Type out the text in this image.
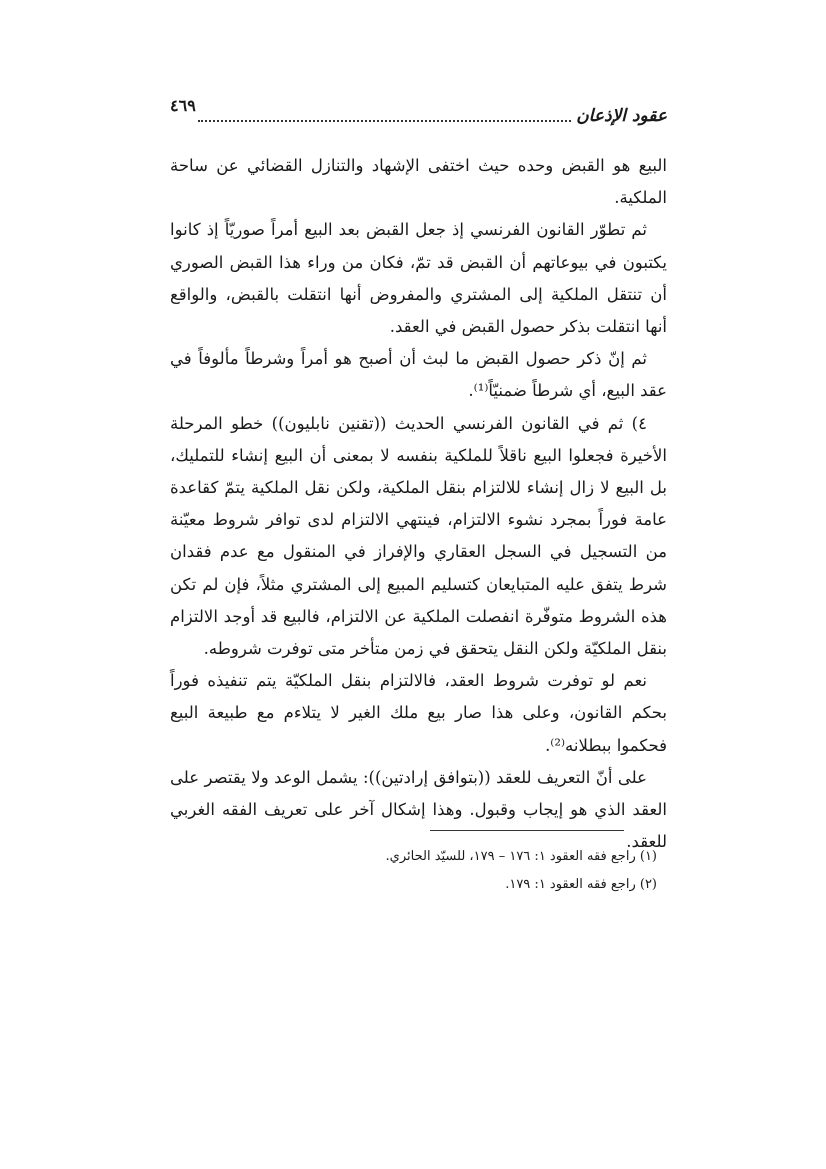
عقود الإذعان
٤٦٩

البيع هو القبض وحده حيث اختفى الإشهاد والتنازل القضائي عن ساحة الملكية.

ثم تطوّر القانون الفرنسي إذ جعل القبض بعد البيع أمراً صوريّاً إذ كانوا يكتبون في بيوعاتهم أن القبض قد تمّ، فكان من وراء هذا القبض الصوري أن تنتقل الملكية إلى المشتري والمفروض أنها انتقلت بالقبض، والواقع أنها انتقلت بذكر حصول القبض في العقد.

ثم إنّ ذكر حصول القبض ما لبث أن أصبح هو أمراً وشرطاً مألوفاً في عقد البيع، أي شرطاً ضمنيّاً⁽¹⁾.

٤) ثم في القانون الفرنسي الحديث ((تقنين نابليون)) خطو المرحلة الأخيرة فجعلوا البيع ناقلاً للملكية بنفسه لا بمعنى أن البيع إنشاء للتمليك، بل البيع لا زال إنشاء للالتزام بنقل الملكية، ولكن نقل الملكية يتمّ كقاعدة عامة فوراً بمجرد نشوء الالتزام، فينتهي الالتزام لدى توافر شروط معيّنة من التسجيل في السجل العقاري والإفراز في المنقول مع عدم فقدان شرط يتفق عليه المتبايعان كتسليم المبيع إلى المشتري مثلاً، فإن لم تكن هذه الشروط متوفّرة انفصلت الملكية عن الالتزام، فالبيع قد أوجد الالتزام بنقل الملكيّة ولكن النقل يتحقق في زمن متأخر متى توفرت شروطه.

نعم لو توفرت شروط العقد، فالالتزام بنقل الملكيّة يتم تنفيذه فوراً بحكم القانون، وعلى هذا صار بيع ملك الغير لا يتلاءم مع طبيعة البيع فحكموا ببطلانه⁽²⁾.

على أنّ التعريف للعقد ((بتوافق إرادتين)): يشمل الوعد ولا يقتصر على العقد الذي هو إيجاب وقبول. وهذا إشكال آخر على تعريف الفقه الغربي للعقد.

(١) راجع فقه العقود ١: ١٧٦ – ١٧٩، للسيّد الحائري.

(٢) راجع فقه العقود ١: ١٧٩.
